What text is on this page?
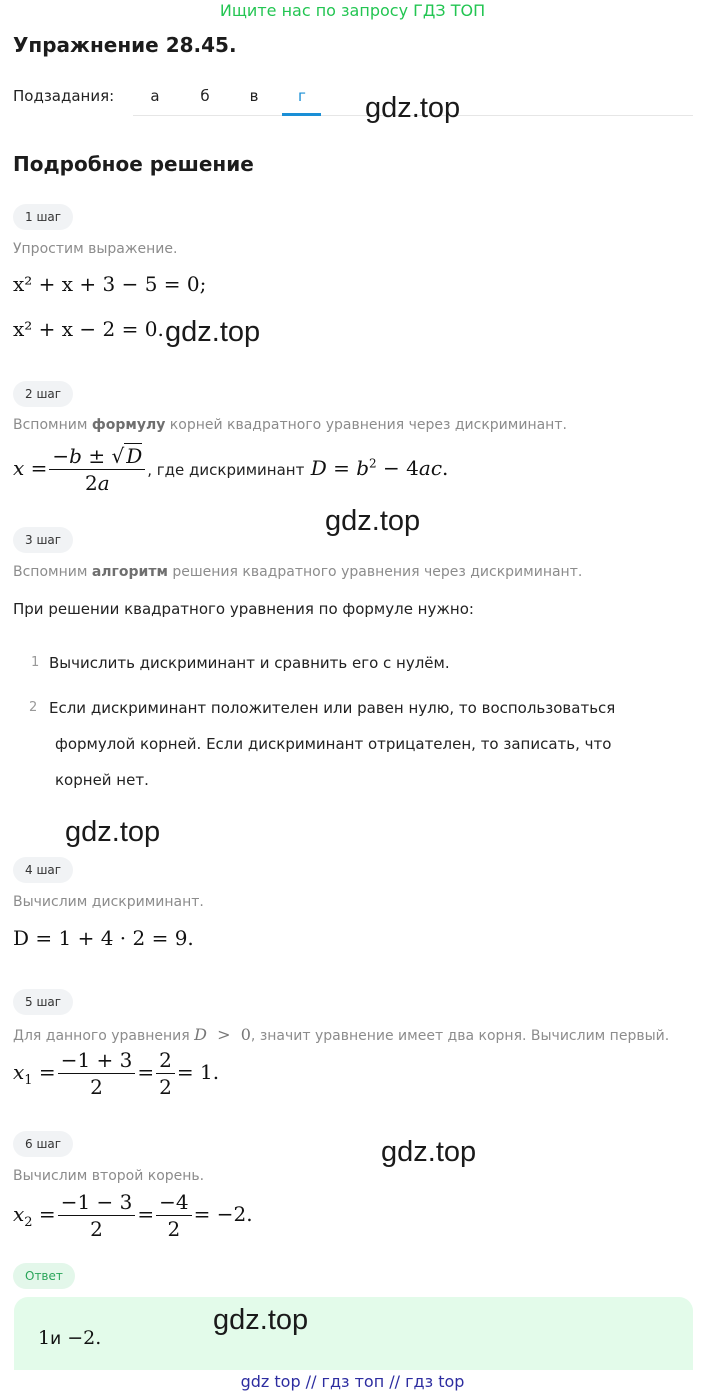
Ищите нас по запросу ГДЗ ТОП
Упражнение 28.45.
Подзадания:	а	б	в	г	gdz.top
Подробное решение
1 шаг
Упростим выражение.
x² + x + 3 − 5 = 0;
x² + x − 2 = 0. gdz.top
2 шаг
Вспомним формулу корней квадратного уравнения через дискриминант.
$x = \frac{-b \pm √ D}{2a}$ , где дискриминант $D = b^2 - 4ac$.
gdz.top
3 шаг
Вспомним алгоритм решения квадратного уравнения через дискриминант.
При решении квадратного уравнения по формуле нужно:
1 Вычислить дискриминант и сравнить его с нулём.
2 Если дискриминант положителен или равен нулю, то воспользоваться
формулой корней. Если дискриминант отрицателен, то записать, что
корней нет.
gdz.top
4 шаг
Вычислим дискриминант.
D = 1 + 4 · 2 = 9.
5 шаг
Для данного уравнения D  >  0, значит уравнение имеет два корня. Вычислим первый.
$x_1 = \frac{-1 + 3}{2} = \frac{2}{2} = 1$.
6 шаг	gdz.top
Вычислим второй корень.
$x_2 = \frac{-1 - 3}{2} = \frac{-4}{2} = -2$.
Ответ
1и −2.
gdz.top
gdz top // гдз топ // гдз top
